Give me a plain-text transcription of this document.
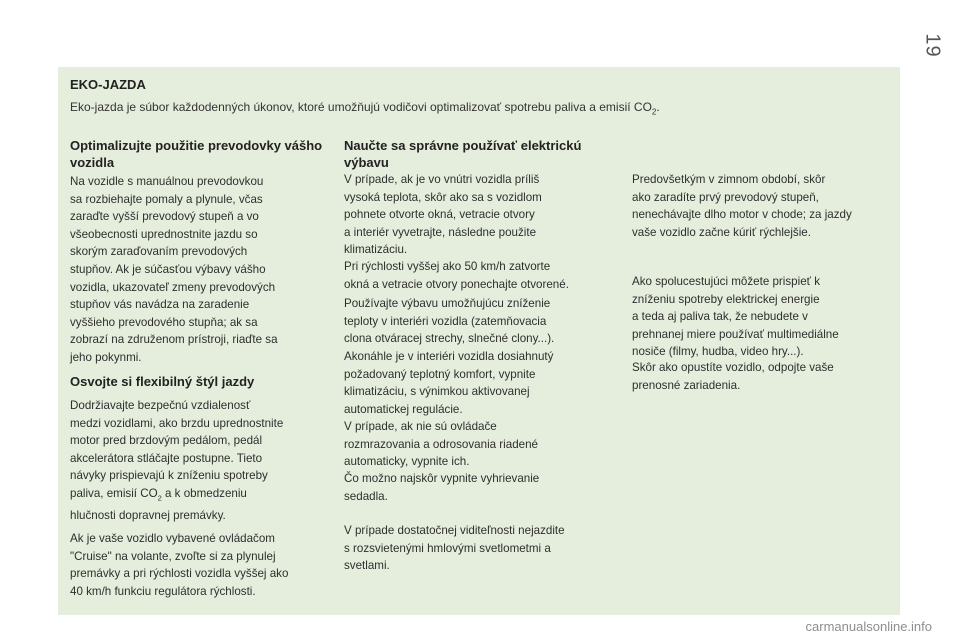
19
EKO-JAZDA
Eko-jazda je súbor každodenných úkonov, ktoré umožňujú vodičovi optimalizovať spotrebu paliva a emisií $CO_2$.
Optimalizujte použitie prevodovky vášho vozidla

Na vozidle s manuálnou prevodovkou
sa rozbiehajte pomaly a plynule, včas
zaraďte vyšší prevodový stupeň a vo
všeobecnosti uprednostnite jazdu so
skorým zaraďovaním prevodových
stupňov. Ak je súčasťou výbavy vášho
vozidla, ukazovateľ zmeny prevodových
stupňov vás navádza na zaradenie
vyššieho prevodového stupňa; ak sa
zobrazí na združenom prístroji, riaďte sa
jeho pokynmi.

Osvojte si flexibilný štýl jazdy

Dodržiavajte bezpečnú vzdialenosť
medzi vozidlami, ako brzdu uprednostnite
motor pred brzdovým pedálom, pedál
akcelerátora stláčajte postupne. Tieto
návyky prispievajú k zníženiu spotreby
paliva, emisií $CO_2$ a k obmedzeniu
hlučnosti dopravnej premávky.

Ak je vaše vozidlo vybavené ovládačom
"Cruise" na volante, zvoľte si za plynulej
premávky a pri rýchlosti vozidla vyššej ako
40 km/h funkciu regulátora rýchlosti.

Naučte sa správne používať elektrickú výbavu

V prípade, ak je vo vnútri vozidla príliš
vysoká teplota, skôr ako sa s vozidlom
pohnete otvorte okná, vetracie otvory
a interiér vyvetrajte, následne použite
klimatizáciu.

Pri rýchlosti vyššej ako 50 km/h zatvorte
okná a vetracie otvory ponechajte otvorené.

Používajte výbavu umožňujúcu zníženie
teploty v interiéri vozidla (zatemňovacia
clona otváracej strechy, slnečné clony...).

Akonáhle je v interiéri vozidla dosiahnutý
požadovaný teplotný komfort, vypnite
klimatizáciu, s výnimkou aktivovanej
automatickej regulácie.

V prípade, ak nie sú ovládače
rozmrazovania a odrosovania riadené
automaticky, vypnite ich.

Čo možno najskôr vypnite vyhrievanie
sedadla.

V prípade dostatočnej viditeľnosti nejazdite
s rozsvietenými hmlovými svetlometmi a
svetlami.

Predovšetkým v zimnom období, skôr
ako zaradíte prvý prevodový stupeň,
nenechávajte dlho motor v chode; za jazdy
vaše vozidlo začne kúriť rýchlejšie.

Ako spolucestujúci môžete prispieť k
zníženiu spotreby elektrickej energie
a teda aj paliva tak, že nebudete v
prehnanej miere používať multimediálne
nosiče (filmy, hudba, video hry...).

Skôr ako opustíte vozidlo, odpojte vaše
prenosné zariadenia.

carmanualsonline.info
